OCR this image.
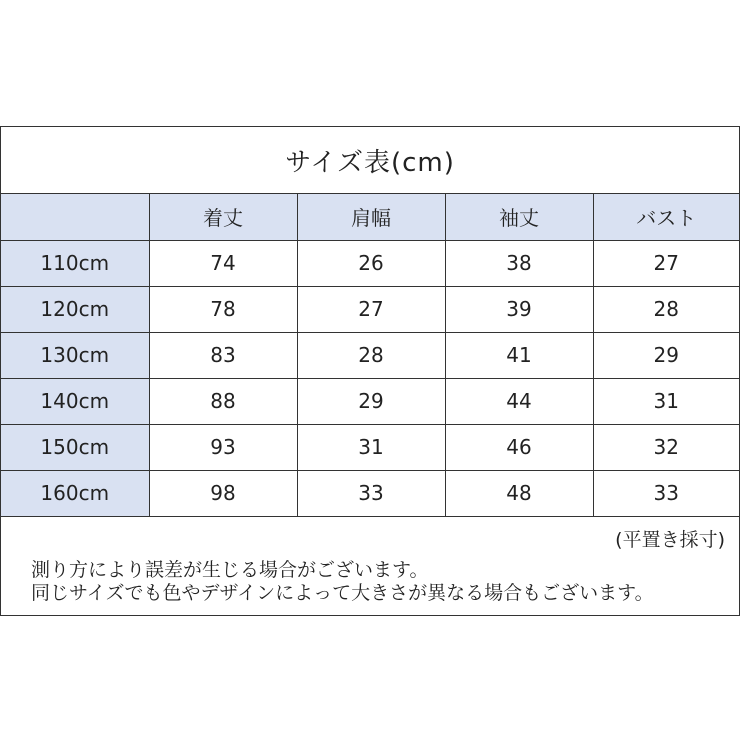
サイズ表(cm)
	着丈	肩幅	袖丈	バスト
110cm	74	26	38	27
120cm	78	27	39	28
130cm	83	28	41	29
140cm	88	29	44	31
150cm	93	31	46	32
160cm	98	33	48	33
(平置き採寸)
測り方により誤差が生じる場合がございます。
同じサイズでも色やデザインによって大きさが異なる場合もございます。
